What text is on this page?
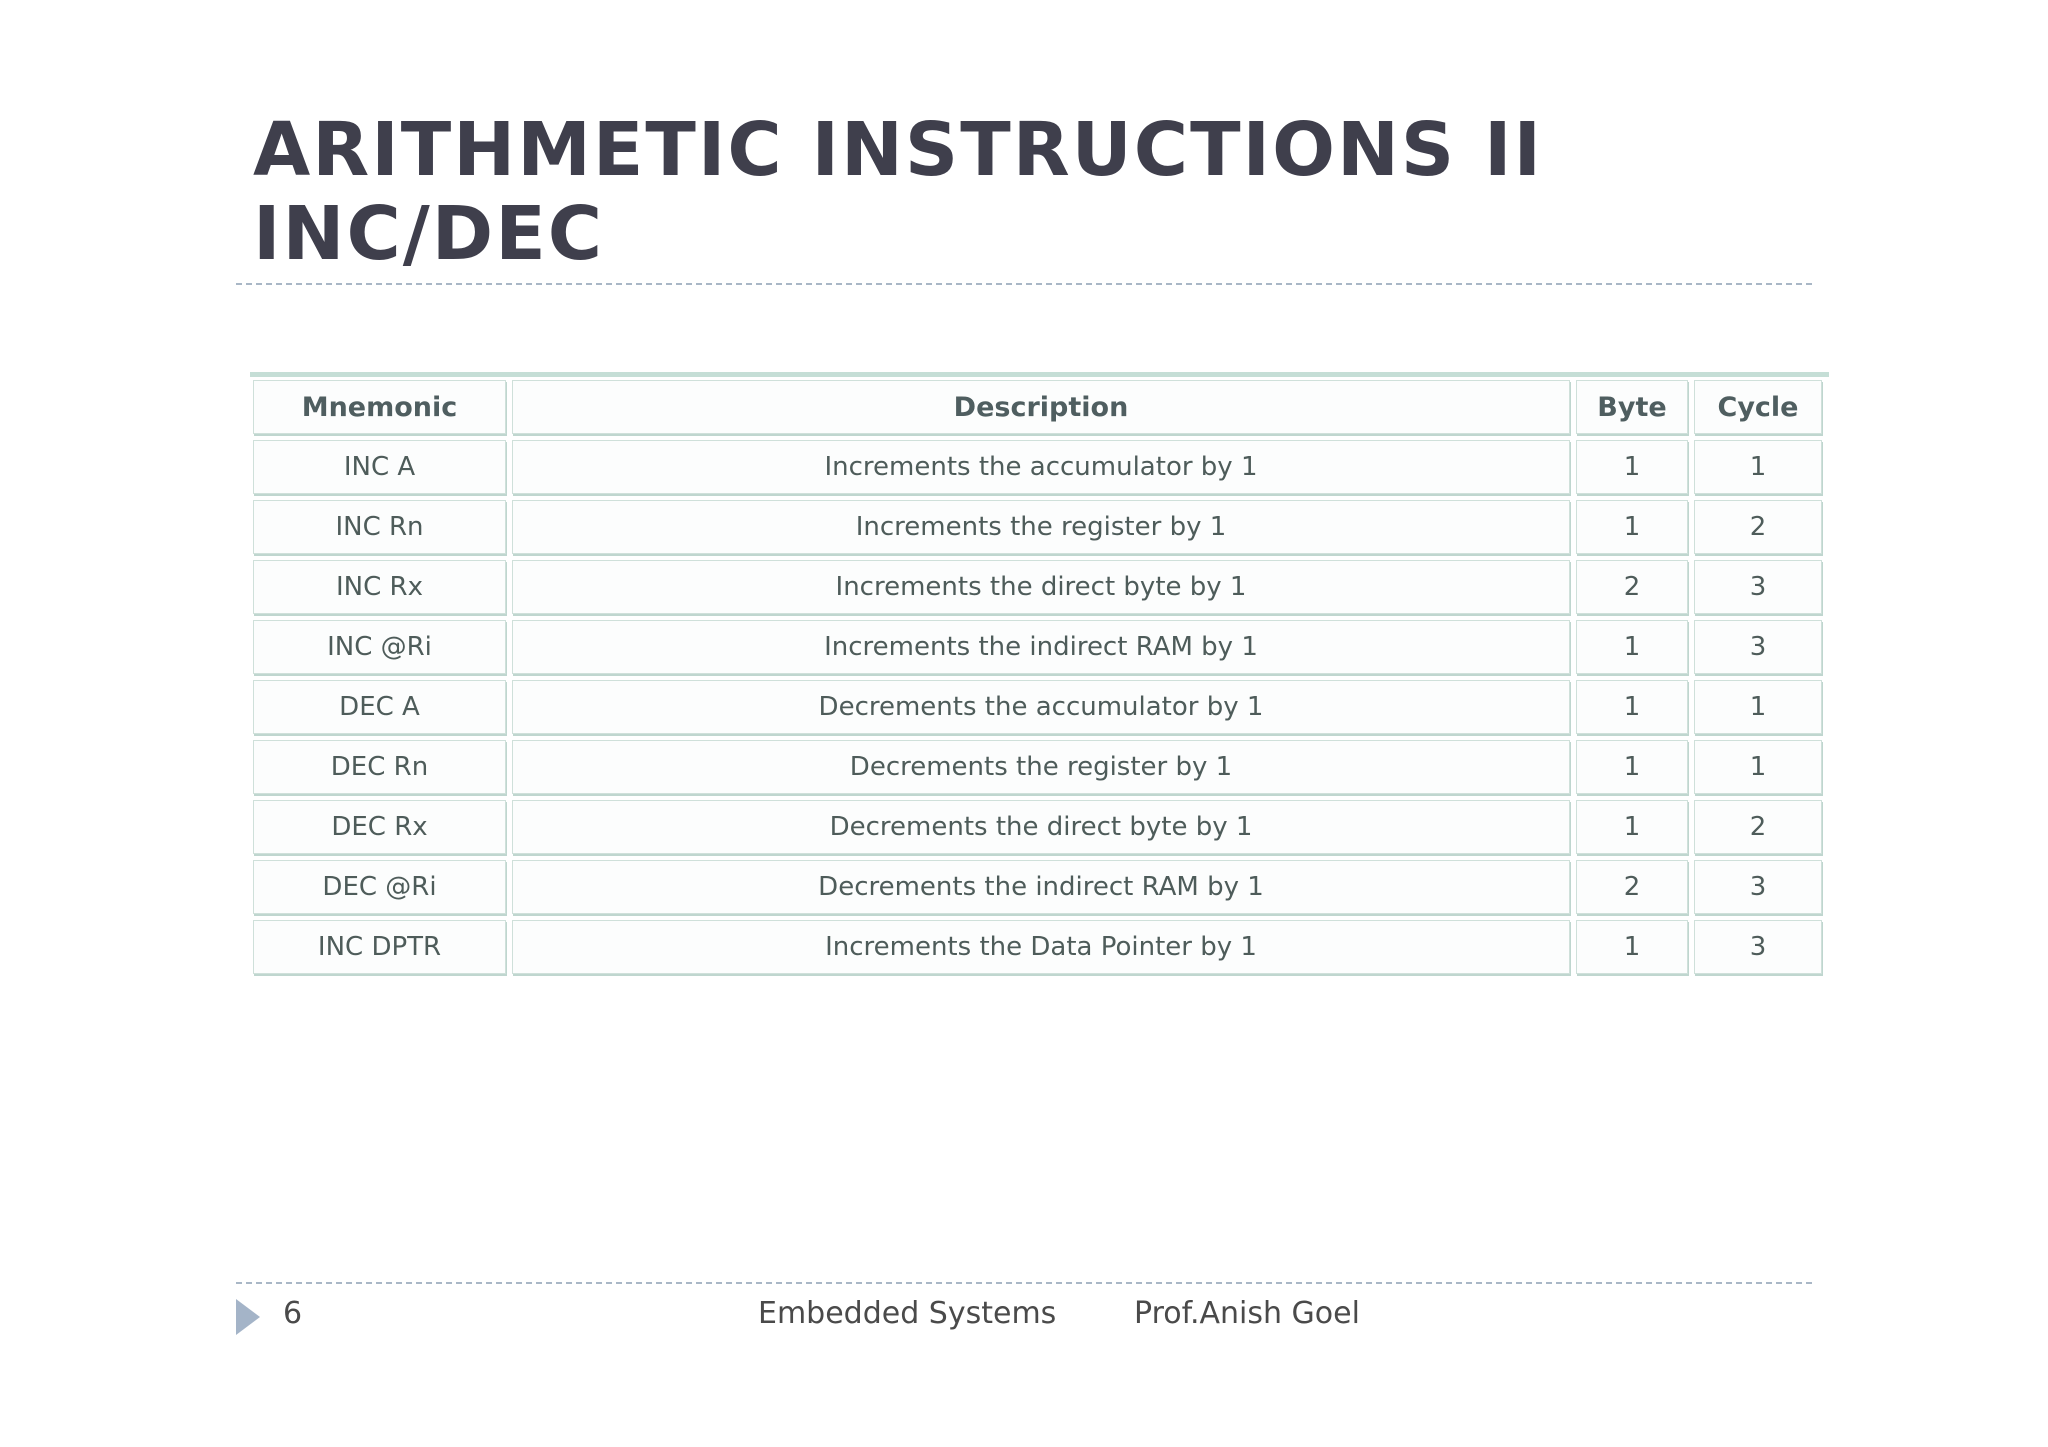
ARITHMETIC INSTRUCTIONS II
INC/DEC
Mnemonic	Description	Byte	Cycle
INC A	Increments the accumulator by 1	1	1
INC Rn	Increments the register by 1	1	2
INC Rx	Increments the direct byte by 1	2	3
INC @Ri	Increments the indirect RAM by 1	1	3
DEC A	Decrements the accumulator by 1	1	1
DEC Rn	Decrements the register by 1	1	1
DEC Rx	Decrements the direct byte by 1	1	2
DEC @Ri	Decrements the indirect RAM by 1	2	3
INC DPTR	Increments the Data Pointer by 1	1	3
6	Embedded Systems	Prof.Anish Goel
